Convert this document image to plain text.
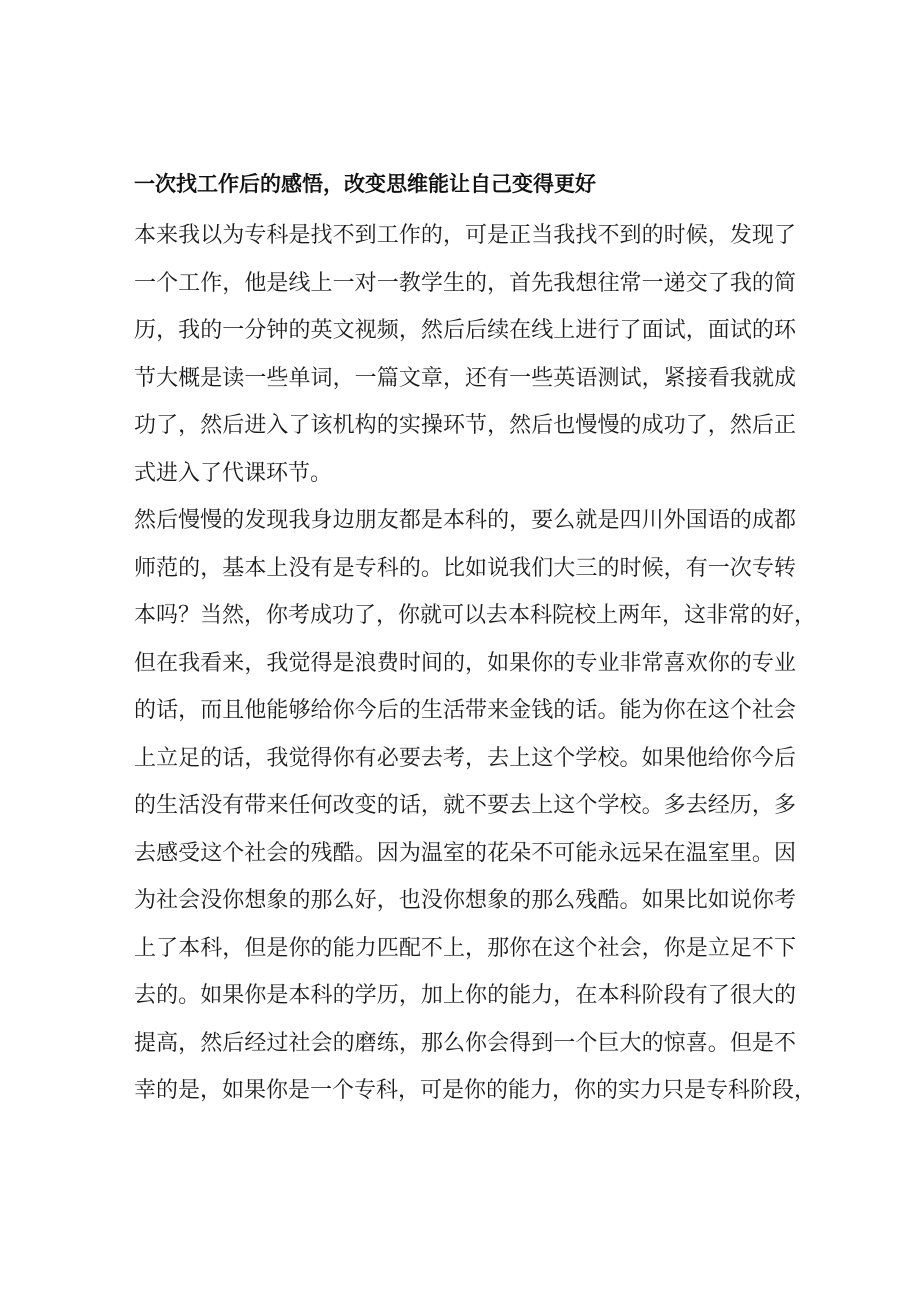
一次找工作后的感悟，改变思维能让自己变得更好
本来我以为专科是找不到工作的，可是正当我找不到的时候，发现了
一个工作，他是线上一对一教学生的，首先我想往常一递交了我的简
历，我的一分钟的英文视频，然后后续在线上进行了面试，面试的环
节大概是读一些单词，一篇文章，还有一些英语测试，紧接看我就成
功了，然后进入了该机构的实操环节，然后也慢慢的成功了，然后正
式进入了代课环节。
然后慢慢的发现我身边朋友都是本科的，要么就是四川外国语的成都
师范的，基本上没有是专科的。比如说我们大三的时候，有一次专转
本吗？当然，你考成功了，你就可以去本科院校上两年，这非常的好，
但在我看来，我觉得是浪费时间的，如果你的专业非常喜欢你的专业
的话，而且他能够给你今后的生活带来金钱的话。能为你在这个社会
上立足的话，我觉得你有必要去考，去上这个学校。如果他给你今后
的生活没有带来任何改变的话，就不要去上这个学校。多去经历，多
去感受这个社会的残酷。因为温室的花朵不可能永远呆在温室里。因
为社会没你想象的那么好，也没你想象的那么残酷。如果比如说你考
上了本科，但是你的能力匹配不上，那你在这个社会，你是立足不下
去的。如果你是本科的学历，加上你的能力，在本科阶段有了很大的
提高，然后经过社会的磨练，那么你会得到一个巨大的惊喜。但是不
幸的是，如果你是一个专科，可是你的能力，你的实力只是专科阶段，
